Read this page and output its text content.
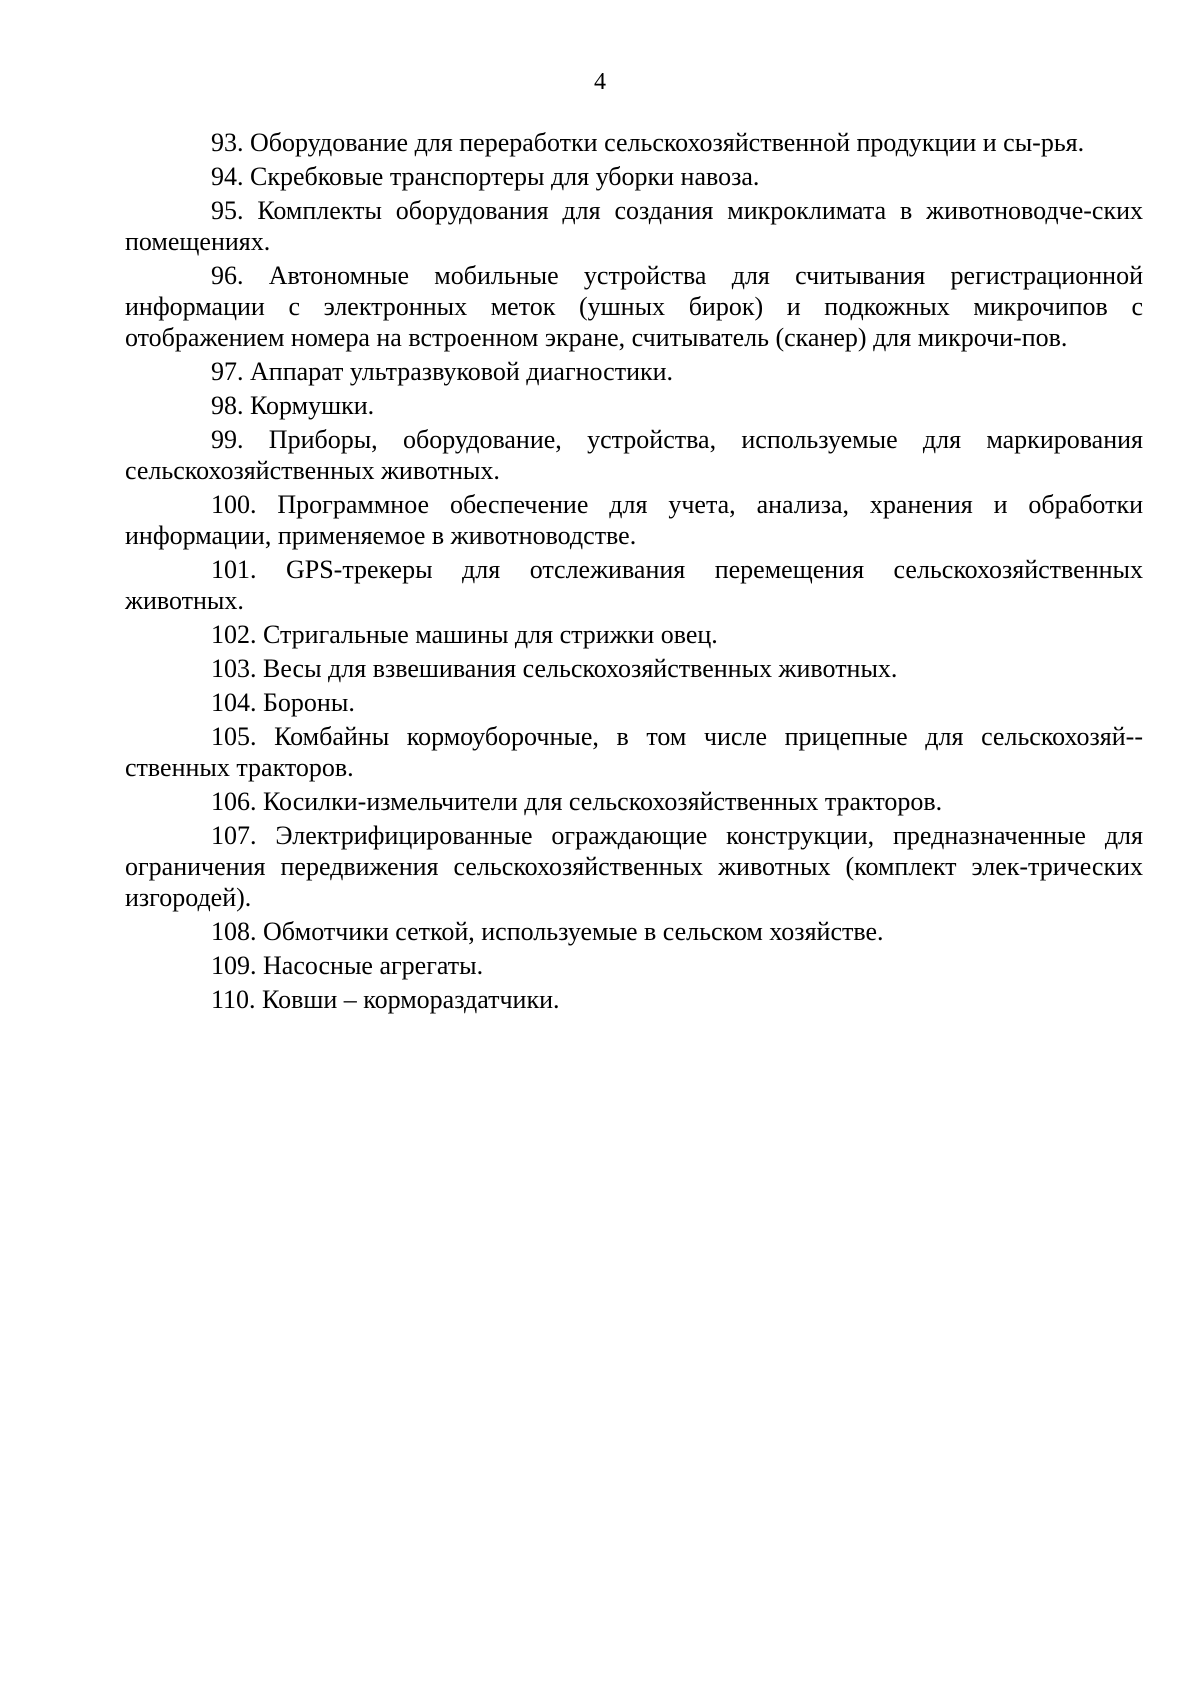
4

93. Оборудование для переработки сельскохозяйственной продукции и сы-рья.

94. Скребковые транспортеры для уборки навоза.

95. Комплекты оборудования для создания микроклимата в животноводче-ских помещениях.

96. Автономные мобильные устройства для считывания регистрационной информации с электронных меток (ушных бирок) и подкожных микрочипов с отображением номера на встроенном экране, считыватель (сканер) для микрочи-пов.

97. Аппарат ультразвуковой диагностики.

98. Кормушки.

99. Приборы, оборудование, устройства, используемые для маркирования сельскохозяйственных животных.

100. Программное обеспечение для учета, анализа, хранения и обработки информации, применяемое в животноводстве.

101. GPS-трекеры для отслеживания перемещения сельскохозяйственных животных.

102. Стригальные машины для стрижки овец.

103. Весы для взвешивания сельскохозяйственных животных.

104. Бороны.

105. Комбайны кормоуборочные, в том числе прицепные для сельскохозяй-ственных тракторов.

106. Косилки-измельчители для сельскохозяйственных тракторов.

107. Электрифицированные ограждающие конструкции, предназначенные для ограничения передвижения сельскохозяйственных животных (комплект элек-трических изгородей).

108. Обмотчики сеткой, используемые в сельском хозяйстве.

109. Насосные агрегаты.

110. Ковши – кормораздатчики.
